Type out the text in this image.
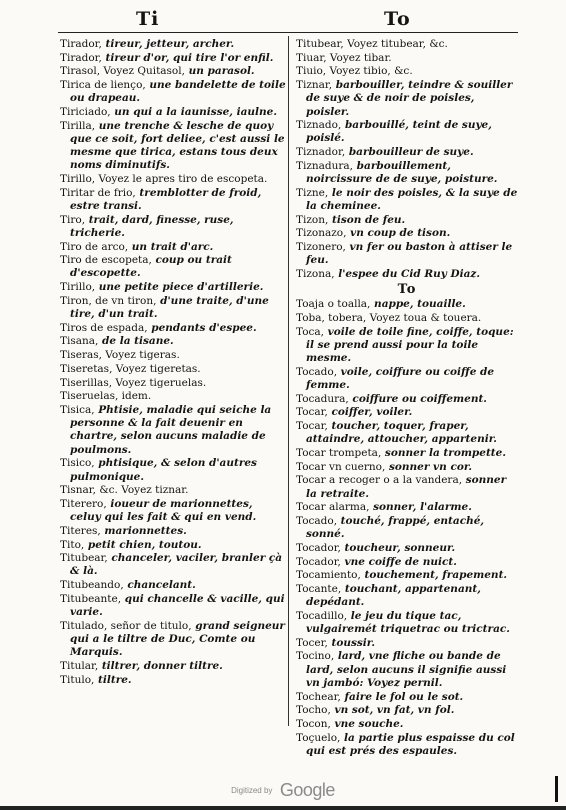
Ti	To
Tirador, tireur, jetteur, archer.
Tirador, tireur d'or, qui tire l'or enfil.
Tirasol, Voyez Quitasol, un parasol.
Tirica de lienço, une bandelette de toile ou drapeau.
Tiriciado, un qui a la iaunisse, iaulne.
Tirilla, une trenche & lesche de quoy que ce soit, fort deliee, c'est aussi le mesme que tirica, estans tous deux noms diminutifs.
Tirillo, Voyez le apres tiro de escopeta.
Tiritar de frio, tremblotter de froid, estre transi.
Tiro, trait, dard, finesse, ruse, tricherie.
Tiro de arco, un trait d'arc.
Tiro de escopeta, coup ou trait d'escopette.
Tirillo, une petite piece d'artillerie.
Tiron, de vn tiron, d'une traite, d'une tire, d'un trait.
Tiros de espada, pendants d'espee.
Tisana, de la tisane.
Tiseras, Voyez tigeras.
Tiseretas, Voyez tigeretas.
Tiserillas, Voyez tigeruelas.
Tiseruelas, idem.
Tisica, Phtisie, maladie qui seiche la personne & la fait deuenir en chartre, selon aucuns maladie de poulmons.
Tisico, phtisique, & selon d'autres pulmonique.
Tisnar, &c. Voyez tiznar.
Titerero, ioueur de marionnettes, celuy qui les fait & qui en vend.
Titeres, marionnettes.
Tito, petit chien, toutou.
Titubear, chanceler, vaciler, branler çà & là.
Titubeando, chancelant.
Titubeante, qui chancelle & vacille, qui varie.
Titulado, señor de titulo, grand seigneur qui a le tiltre de Duc, Comte ou Marquis.
Titular, tiltrer, donner tiltre.
Titulo, tiltre.
Titubear, Voyez titubear, &c.
Tiuar, Voyez tibar.
Tiuio, Voyez tibio, &c.
Tiznar, barbouiller, teindre & souiller de suye & de noir de poisles, poisler.
Tiznado, barbouillé, teint de suye, poislé.
Tiznador, barbouilleur de suye.
Tiznadura, barbouillement, noircissure de de suye, poisture.
Tizne, le noir des poisles, & la suye de la cheminee.
Tizon, tison de feu.
Tizonazo, vn coup de tison.
Tizonero, vn fer ou baston à attiser le feu.
Tizona, l'espee du Cid Ruy Diaz.
To
Toaja o toalla, nappe, touaille.
Toba, tobera, Voyez toua & touera.
Toca, voile de toile fine, coiffe, toque: il se prend aussi pour la toile mesme.
Tocado, voile, coiffure ou coiffe de femme.
Tocadura, coiffure ou coiffement.
Tocar, coiffer, voiler.
Tocar, toucher, toquer, fraper, attaindre, attoucher, appartenir.
Tocar trompeta, sonner la trompette.
Tocar vn cuerno, sonner vn cor.
Tocar a recoger o a la vandera, sonner la retraite.
Tocar alarma, sonner, l'alarme.
Tocado, touché, frappé, entaché, sonné.
Tocador, toucheur, sonneur.
Tocador, vne coiffe de nuict.
Tocamiento, touchement, frapement.
Tocante, touchant, appartenant, depédant.
Tocadillo, le jeu du tique tac, vulgairemét triquetrac ou trictrac.
Tocer, toussir.
Tocino, lard, vne fliche ou bande de lard, selon aucuns il signifie aussi vn jambó: Voyez pernil.
Tochear, faire le fol ou le sot.
Tocho, vn sot, vn fat, vn fol.
Tocon, vne souche.
Toçuelo, la partie plus espaisse du col qui est prés des espaules.
Digitized by Google
